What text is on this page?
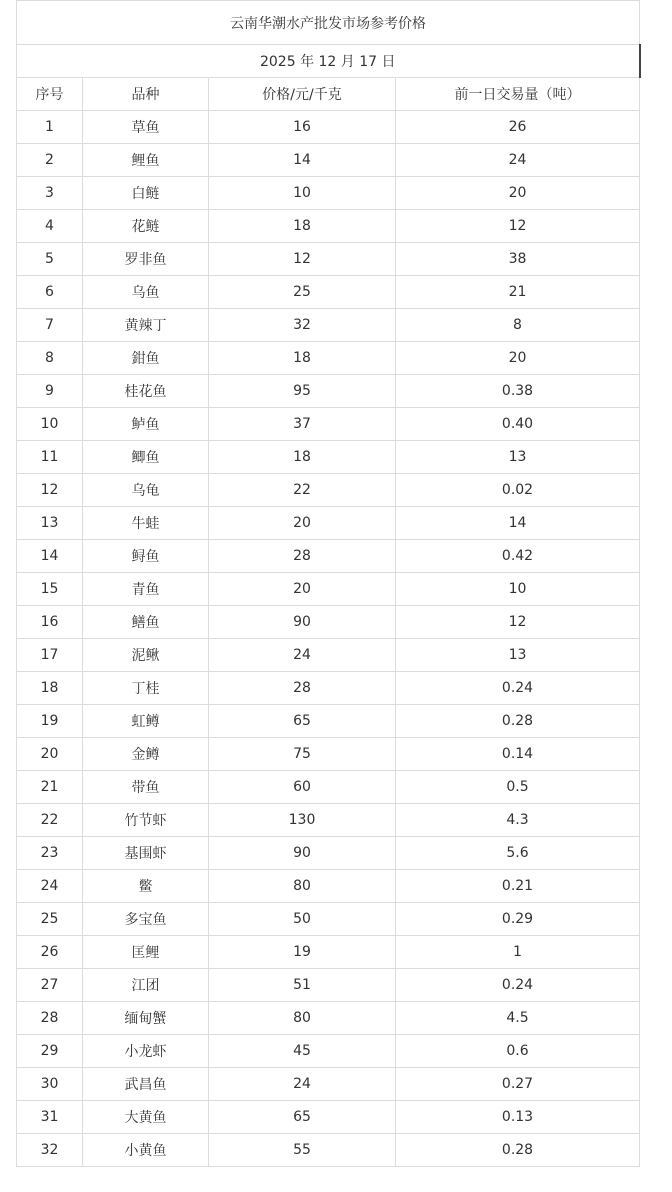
云南华潮水产批发市场参考价格			
2025 年 12 月 17 日			
序号	品种	价格/元/千克	前一日交易量（吨）
1	草鱼	16	26
2	鲤鱼	14	24
3	白鲢	10	20
4	花鲢	18	12
5	罗非鱼	12	38
6	乌鱼	25	21
7	黄辣丁	32	8
8	鉗鱼	18	20
9	桂花鱼	95	0.38
10	鲈鱼	37	0.40
11	鲫鱼	18	13
12	乌龟	22	0.02
13	牛蛙	20	14
14	鲟鱼	28	0.42
15	青鱼	20	10
16	鳝鱼	90	12
17	泥鳅	24	13
18	丁桂	28	0.24
19	虹鳟	65	0.28
20	金鳟	75	0.14
21	带鱼	60	0.5
22	竹节虾	130	4.3
23	基围虾	90	5.6
24	鳖	80	0.21
25	多宝鱼	50	0.29
26	匡鲤	19	1
27	江团	51	0.24
28	缅甸蟹	80	4.5
29	小龙虾	45	0.6
30	武昌鱼	24	0.27
31	大黄鱼	65	0.13
32	小黄鱼	55	0.28
